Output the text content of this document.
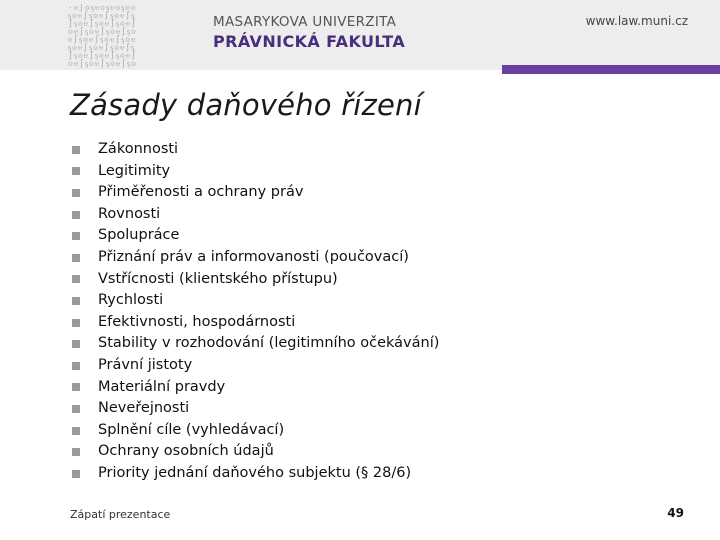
·ᵾ∫◇ᶊᵾ◇ᶊᵾ◇ᶊᵾ◇
ᶊ◇ᵾ∫ᶊ◇ᵾ∫ᶊ◇ᵾ∫ᶊ
∫ᶊ◇ᵾ∫ᶊ◇ᵾ∫ᶊ◇ᵾ∫
◇ᵾ∫ᶊ◇ᵾ∫ᶊ◇ᵾ∫ᶊ◇
ᵾ∫ᶊ◇ᵾ∫ᶊ◇ᵾ∫ᶊ◇ᵾ
ᶊ◇ᵾ∫ᶊ◇ᵾ∫ᶊ◇ᵾ∫ᶊ
∫ᶊ◇ᵾ∫ᶊ◇ᵾ∫ᶊ◇ᵾ∫
◇ᵾ∫ᶊ◇ᵾ∫ᶊ◇ᵾ∫ᶊ◇
MASARYKOVA UNIVERZITA
PRÁVNICKÁ FAKULTA
www.law.muni.cz
Zásady daňového řízení
Zákonnosti
Legitimity
Přiměřenosti a ochrany práv
Rovnosti
Spolupráce
Přiznání práv a informovanosti (poučovací)
Vstřícnosti (klientského přístupu)
Rychlosti
Efektivnosti, hospodárnosti
Stability v rozhodování (legitimního očekávání)
Právní jistoty
Materiální pravdy
Neveřejnosti
Splnění cíle (vyhledávací)
Ochrany osobních údajů
Priority jednání daňového subjektu (§ 28/6)
Zápatí prezentace	49
